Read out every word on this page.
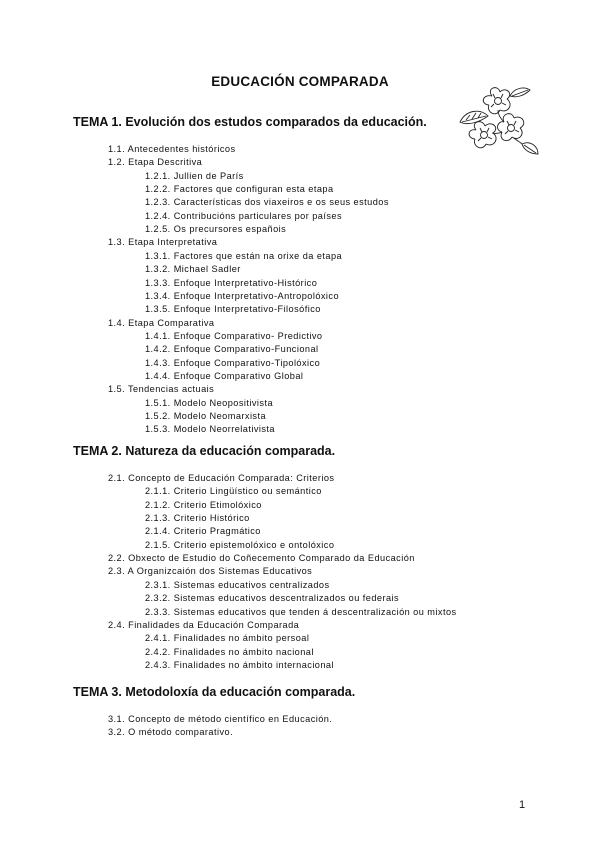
EDUCACIÓN COMPARADA
TEMA 1. Evolución dos estudos comparados da educación.
1.1. Antecedentes históricos
1.2. Etapa Descritiva
1.2.1. Jullien de París
1.2.2. Factores que configuran esta etapa
1.2.3. Características dos viaxeiros e os seus estudos
1.2.4. Contribucións particulares por países
1.2.5. Os precursores españois
1.3. Etapa Interpretativa
1.3.1. Factores que están na orixe da etapa
1.3.2. Michael Sadler
1.3.3. Enfoque Interpretativo-Histórico
1.3.4. Enfoque Interpretativo-Antropolóxico
1.3.5. Enfoque Interpretativo-Filosófico
1.4. Etapa Comparativa
1.4.1. Enfoque Comparativo- Predictivo
1.4.2. Enfoque Comparativo-Funcional
1.4.3. Enfoque Comparativo-Tipolóxico
1.4.4. Enfoque Comparativo Global
1.5. Tendencias actuais
1.5.1. Modelo Neopositivista
1.5.2. Modelo Neomarxista
1.5.3. Modelo Neorrelativista
TEMA 2. Natureza da educación comparada.
2.1. Concepto de Educación Comparada: Criterios
2.1.1. Criterio Lingüístico ou semántico
2.1.2. Criterio Etimolóxico
2.1.3. Criterio Histórico
2.1.4. Criterio Pragmático
2.1.5. Criterio epistemolóxico e ontolóxico
2.2. Obxecto de Estudio do Coñecemento Comparado da Educación
2.3. A Organizcaión dos Sistemas Educativos
2.3.1. Sistemas educativos centralizados
2.3.2. Sistemas educativos descentralizados ou federais
2.3.3. Sistemas educativos que tenden á descentralización ou mixtos
2.4. Finalidades da Educación Comparada
2.4.1. Finalidades no ámbito persoal
2.4.2. Finalidades no ámbito nacional
2.4.3. Finalidades no ámbito internacional
TEMA 3. Metodoloxía da educación comparada.
3.1. Concepto de método científico en Educación.
3.2. O método comparativo.
1
